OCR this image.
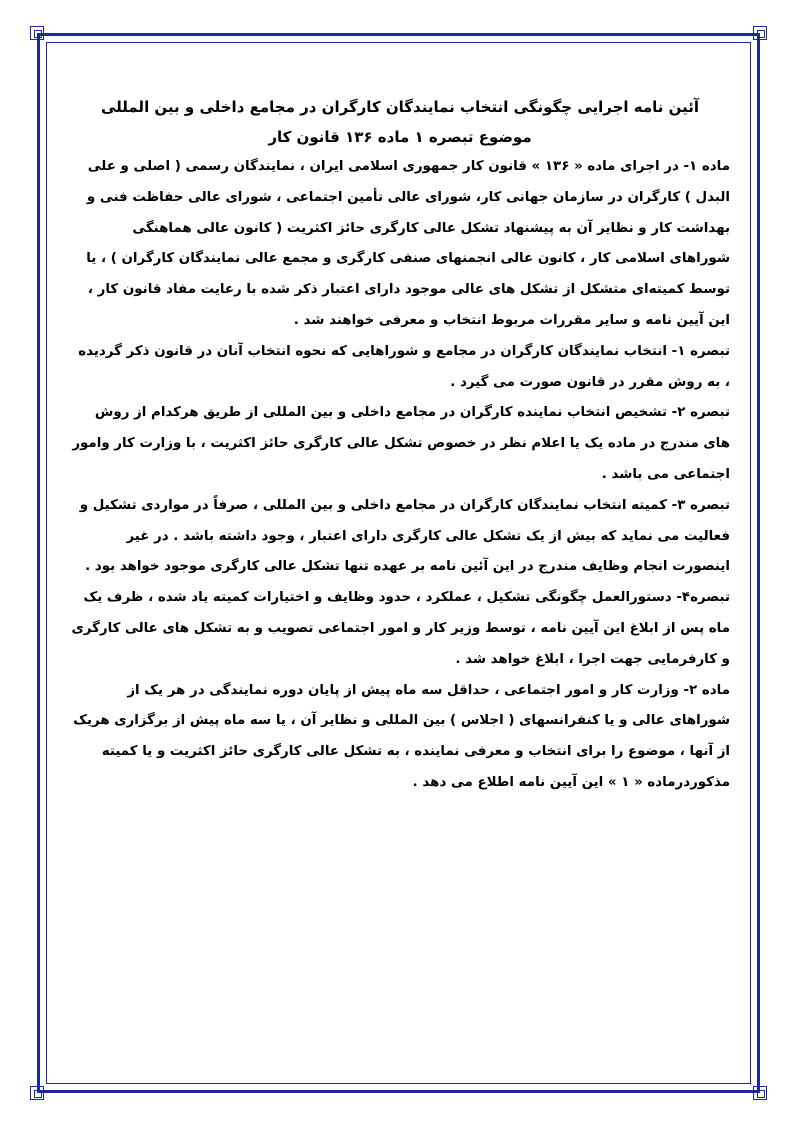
آئین نامه اجرایی چگونگی انتخاب نمایندگان کارگران در مجامع داخلی و بین المللی

موضوع تبصره ۱ ماده ۱۳۶ قانون کار

ماده ۱- در اجرای ماده « ۱۳۶ » قانون کار جمهوری اسلامی ایران ، نمایندگان رسمی ( اصلی و علی البدل ) کارگران در سازمان جهانی کار، شورای عالی تأمین اجتماعی ، شورای عالی حفاظت فنی و بهداشت کار و نظایر آن به پیشنهاد تشکل عالی کارگری حائز اکثریت ( کانون عالی هماهنگی شوراهای اسلامی کار ، کانون عالی انجمنهای صنفی کارگری و مجمع عالی نمایندگان کارگران ) ، یا توسط کمیته‌ای متشکل از تشکل های عالی موجود دارای اعتبار ذکر شده با رعایت مفاد قانون کار ، این آیین نامه و سایر مقررات مربوط انتخاب و معرفی خواهند شد .

تبصره ۱- انتخاب نمایندگان کارگران در مجامع و شوراهایی که نحوه انتخاب آنان در قانون ذکر گردیده ، به روش مقرر در قانون صورت می گیرد .

تبصره ۲- تشخیص انتخاب نماینده کارگران در مجامع داخلی و بین المللی از طریق هرکدام از روش های مندرج در ماده یک یا اعلام نظر در خصوص تشکل عالی کارگری حائز اکثریت ، با وزارت کار وامور اجتماعی می باشد .

تبصره ۳- کمیته انتخاب نمایندگان کارگران در مجامع داخلی و بین المللی ، صرفاً در مواردی تشکیل و فعالیت می نماید که بیش از یک تشکل عالی کارگری دارای اعتبار ، وجود داشته باشد . در غیر اینصورت انجام وظایف مندرج در این آئین نامه بر عهده تنها تشکل عالی کارگری موجود خواهد بود .

تبصره۴- دستورالعمل چگونگی تشکیل ، عملکرد ، حدود وظایف و اختیارات کمیته یاد شده ، ظرف یک ماه پس از ابلاغ این آیین نامه ، توسط وزیر کار و امور اجتماعی تصویب و به تشکل های عالی کارگری و کارفرمایی جهت اجرا ، ابلاغ خواهد شد .

ماده ۲- وزارت کار و امور اجتماعی ، حداقل سه ماه پیش از پایان دوره نمایندگی در هر یک از شوراهای عالی و یا کنفرانسهای ( اجلاس ) بین المللی و نظایر آن ، یا سه ماه پیش از برگزاری هریک از آنها ، موضوع را برای انتخاب و معرفی نماینده ، به تشکل عالی کارگری حائز اکثریت و یا کمیته مذکوردرماده « ۱ » این آیین نامه اطلاع می دهد .
